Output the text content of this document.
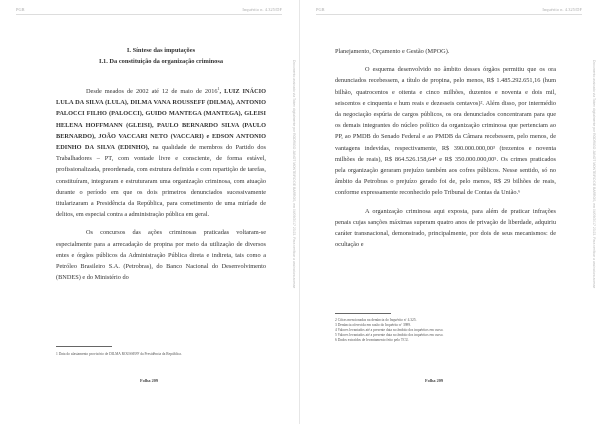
PGR	Inquérito n. 4.325/DF
Documento assinado via Token digitalmente por RODRIGO JANOT MONTEIRO DE BARROS, em 04/09/2017 23:23. Para verificar a assinatura acesse
I. Síntese das imputações
I.1. Da constituição da organização criminosa

Desde meados de 2002 até 12 de maio de 2016$^1$, LUIZ INÁCIO LULA DA SILVA (LULA), DILMA VANA ROUSSEFF (DILMA), ANTONIO PALOCCI FILHO (PALOCCI), GUIDO MANTEGA (MANTEGA), GLEISI HELENA HOFFMANN (GLEISI), PAULO BERNARDO SILVA (PAULO BERNARDO), JOÃO VACCARI NETO (VACCARI) e EDSON ANTONIO EDINHO DA SILVA (EDINHO), na qualidade de membros do Partido dos Trabalhadores – PT, com vontade livre e consciente, de forma estável, profissionalizada, preordenada, com estrutura definida e com repartição de tarefas, constituíram, integraram e estruturaram uma organização criminosa, com atuação durante o período em que os dois primeiros denunciados sucessivamente titularizaram a Presidência da República, para cometimento de uma miríade de delitos, em especial contra a administração pública em geral.

Os concursos das ações criminosas praticadas voltaram-se especialmente para a arrecadação de propina por meio da utilização de diversos entes e órgãos públicos da Administração Pública direta e indireta, tais como a Petróleo Brasileiro S.A. (Petrobras), do Banco Nacional do Desenvolvimento (BNDES) e do Ministério do

1 Data do afastamento provisório de DILMA ROUSSEFF da Presidência da República.
Folha 209
PGR	Inquérito n. 4.325/DF
Documento assinado via Token digitalmente por RODRIGO JANOT MONTEIRO DE BARROS, em 04/09/2017 23:23. Para verificar a assinatura acesse

Planejamento, Orçamento e Gestão (MPOG).

O esquema desenvolvido no âmbito desses órgãos permitiu que os ora denunciados recebessem, a título de propina, pelo menos, R$ 1.485.292.651,16 (hum bilhão, quatrocentos e oitenta e cinco milhões, duzentos e noventa e dois mil, seiscentos e cinquenta e hum reais e dezesseis centavos)². Além disso, por intermédio da negociação espúria de cargos públicos, os ora denunciados concentraram para que os demais integrantes do núcleo político da organização criminosa que pertenciam ao PP, ao PMDB do Senado Federal e ao PMDB da Câmara recebessem, pelo menos, de vantagens indevidas, respectivamente, R$ 390.000.000,00³ (trezentos e noventa milhões de reais), R$ 864.526.158,64⁴ e R$ 350.000.000,00⁵. Os crimes praticados pela organização geraram prejuízo também aos cofres públicos. Nesse sentido, só no âmbito da Petrobras o prejuízo gerado foi de, pelo menos, R$ 29 bilhões de reais, conforme expressamente reconhecido pelo Tribunal de Contas da União.⁶

A organização criminosa aqui exposta, para além de praticar infrações penais cujas sanções máximas superam quatro anos de privação de liberdade, adquiriu caráter transnacional, demonstrado, principalmente, por dois de seus mecanismos: de ocultação e

2 Cifras mencionadas na denúncia do Inquérito nº 4.325.
3 Denúncia oferecida em razão do Inquérito nº 3989.
4 Valores levantados até a presente data no âmbito dos inquéritos em curso.
5 Valores levantados até a presente data no âmbito dos inquéritos em curso.
6 Dados extraídos de levantamento feito pelo TCU.
Folha 209
